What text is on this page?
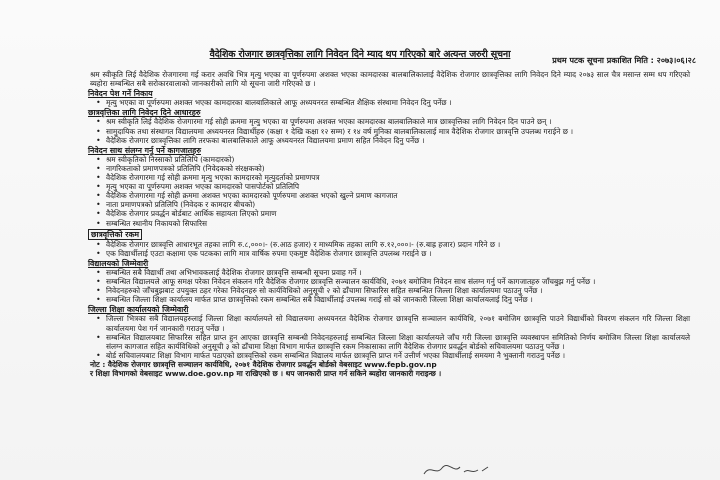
वैदेशिक रोजगार छात्रवृत्तिका लागि निवेदन दिने म्याद थप गरिएको बारे अत्यन्त जरुरी सूचना
प्रथम पटक सूचना प्रकाशित मिति : २०७३।०६।२८

श्रम स्वीकृति लिई वैदेशिक रोजगारमा गई करार अवधि भित्र मृत्यु भएका वा पूर्णरुपमा अशक्त भएका कामदारका बालबालिकालाई वैदेशिक रोजगार छात्रवृत्तिका लागि निवेदन दिने म्याद २०७३ साल चैत्र मसान्त सम्म थप गरिएको ब्यहोरा सम्बन्धित सबै सरोकारवालाको जानकारीको लागि यो सूचना जारी गरिएको छ ।

निवेदन पेश गर्ने निकाय
• मृत्यु भएका वा पूर्णरुपमा अशक्त भएका कामदारका बालबालिकाले आफू अध्ययनरत सम्बन्धित शैक्षिक संस्थामा निवेदन दिनु पर्नेछ ।
छात्रवृत्तिका लागि निवेदन दिने आधारहरु
• श्रम स्वीकृति लिई वैदेशिक रोजगारमा गई सोही क्रममा मृत्यु भएका वा पूर्णरुपमा अशक्त भएका कामदारका बालबालिकाले मात्र छात्रवृत्तिका लागि निवेदन दिन पाउने छन् ।
• सामुदायिक तथा संस्थागत विद्यालयमा अध्ययनरत विद्यार्थीहरु (कक्षा १ देखि कक्षा १२ सम्म) र १४ वर्ष मुनिका बालबालिकालाई मात्र वैदेशिक रोजगार छात्रवृत्ति उपलब्ध गराईने छ ।
• वैदेशिक रोजगार छात्रवृत्तिका लागि तरफका बालबालिकाले आफू अध्ययनरत विद्यालयमा प्रमाण सहित निवेदन दिनु पर्नेछ ।
निवेदन साथ संलग्न गर्नु पर्ने कागजातहरु
• श्रम स्वीकृतिको निस्साको प्रतिलिपि (कामदारको)
• नागरिकताको प्रमाणपत्रको प्रतिलिपि (निवेदकको संरक्षकको)
• वैदेशिक रोजगारमा गई सोही क्रममा मृत्यु भएका कामदारको मृत्युदर्ताको प्रमाणपत्र
• मृत्यु भएका वा पूर्णरुपमा अशक्त भएका कामदारको पासपोर्टको प्रतिलिपि
• वैदेशिक रोजगारमा गई सोही क्रममा अशक्त भएका कामदारको पूर्णरुपमा अशक्त भएको खुल्ने प्रमाण कागजात
• नाता प्रमाणपत्रको प्रतिलिपि (निवेदक र कामदार बीचको)
• वैदेशिक रोजगार प्रवर्द्धन बोर्डबाट आर्थिक सहायता लिएको प्रमाण
• सम्बन्धित स्थानीय निकायको सिफारिस
छात्रवृत्तिको रकम
• वैदेशिक रोजगार छात्रवृत्ति आधारभूत तहका लागि रु.८,०००।- (रु.आठ हजार) र माध्यमिक तहका लागि रु.१२,०००।- (रु.बाह्र हजार) प्रदान गरिने छ ।
• एक विद्यार्थीलाई एउटा कक्षामा एक पटकका लागि मात्र वार्षिक रुपमा एकमुष्ट वैदेशिक रोजगार छात्रवृत्ति उपलब्ध गराईने छ ।
विद्यालयको जिम्मेवारी
• सम्बन्धित सबै विद्यार्थी तथा अभिभावकलाई वैदेशिक रोजगार छात्रवृत्ति सम्बन्धी सूचना प्रवाह गर्ने ।
• सम्बन्धित विद्यालयले आफू समक्ष परेका निवेदन संकलन गरि वैदेशिक रोजगार छात्रवृत्ति सञ्चालन कार्यविधि, २०७१ बमोजिम निवेदन साथ संलग्न गर्नु पर्ने कागजातहरु जाँचबुझ गर्नु पर्नेछ ।
• निवेदनहरुको जाँचबुझबाट उपयुक्त ठहर गरेका निवेदनहरु सो कार्यविधिको अनुसूची २ को ढाँचामा सिफारिस सहित सम्बन्धित जिल्ला शिक्षा कार्यालयमा पठाउनु पर्नेछ ।
• सम्बन्धित जिल्ला शिक्षा कार्यालय मार्फत प्राप्त छात्रवृत्तिको रकम सम्बन्धित सबै विद्यार्थीलाई उपलब्ध गराई सो को जानकारी जिल्ला शिक्षा कार्यालयलाई दिनु पर्नेछ ।
जिल्ला शिक्षा कार्यालयको जिम्मेवारी
• जिल्ला भित्रका सबै विद्यालयहरुलाई जिल्ला शिक्षा कार्यालयले सो विद्यालयमा अध्ययनरत वैदेशिक रोजगार छात्रवृत्ति सञ्चालन कार्यविधि, २०७१ बमोजिम छात्रवृत्ति पाउने विद्यार्थीको विवरण संकलन गरि जिल्ला शिक्षा कार्यालयमा पेश गर्न जानकारी गराउनु पर्नेछ ।
• सम्बन्धित विद्यालयबाट सिफारिस सहित प्राप्त हुन आएका छात्रवृत्ति सम्बन्धी निवेदनहरुलाई सम्बन्धित जिल्ला शिक्षा कार्यालयले जाँच गरी जिल्ला छात्रवृत्ति व्यवस्थापन समितिको निर्णय बमोजिम जिल्ला शिक्षा कार्यालयले संलग्न कागजात सहित कार्यविधिको अनुसूची ३ को ढाँचामा शिक्षा विभाग मार्फत छात्रवृत्ति रकम निकासाका लागि वैदेशिक रोजगार प्रवर्द्धन बोर्डको सचिवालयमा पठाउनु पर्नेछ ।
• बोर्ड सचिवालयबाट शिक्षा विभाग मार्फत पठाएको छात्रवृत्तिको रकम सम्बन्धित विद्यालय मार्फत छात्रवृत्ति प्राप्त गर्ने उत्तीर्ण भएका विद्यार्थीलाई समयमा नै भुक्तानी गराउनु पर्नेछ ।
नोट : वैदेशिक रोजगार छात्रवृत्ति सञ्चालन कार्यविधि, २०७१ वैदेशिक रोजगार प्रवर्द्धन बोर्डको वेबसाइट www.fepb.gov.np
र शिक्षा विभागको वेबसाइट www.doe.gov.np मा राखिएको छ । थप जानकारी प्राप्त गर्न सकिने ब्यहोरा जानकारी गराइन्छ ।
